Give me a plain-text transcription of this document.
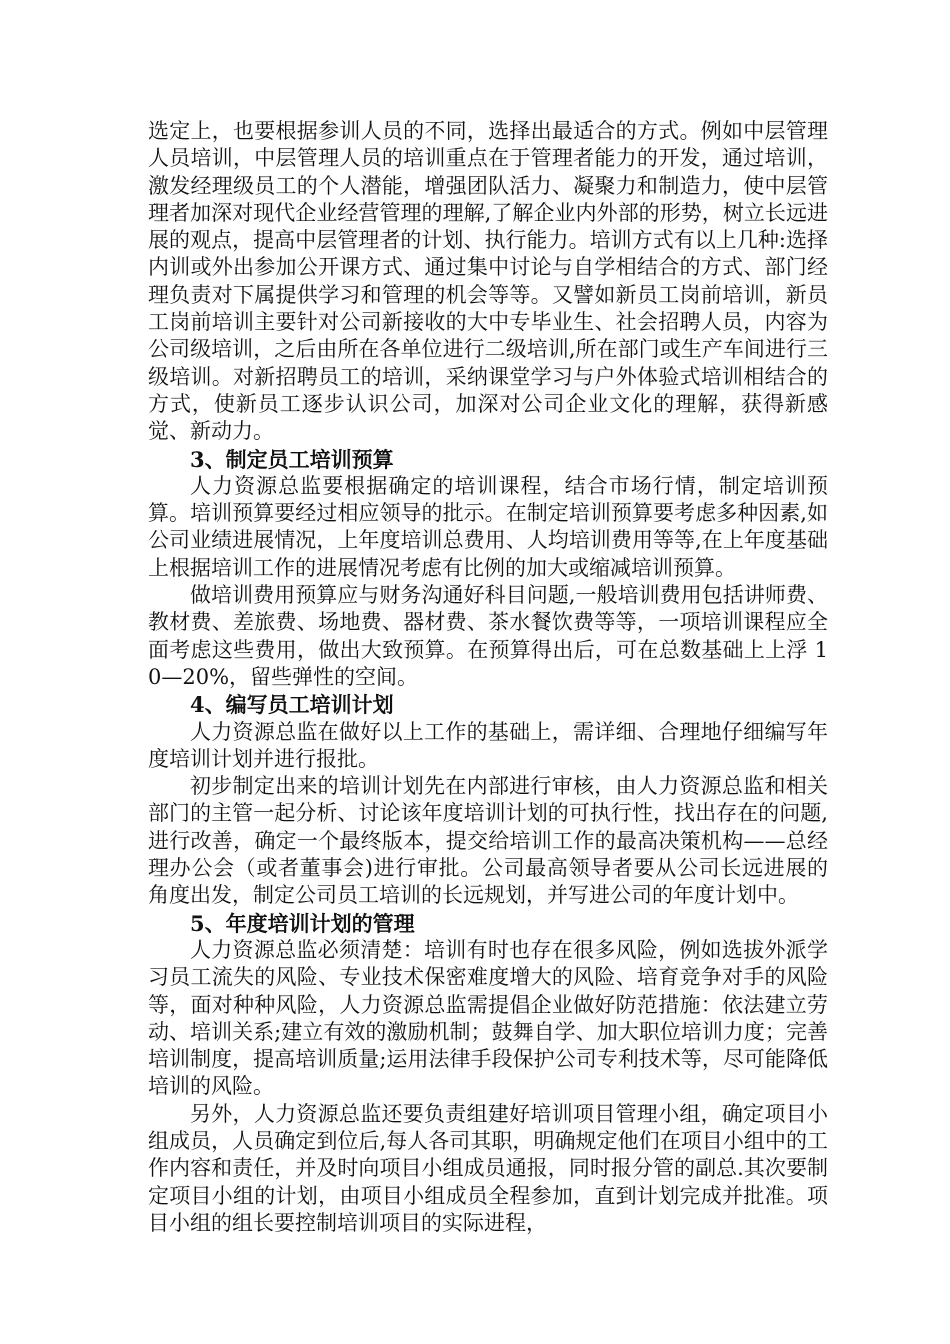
选定上，也要根据参训人员的不同，选择出最适合的方式。例如中层管理人员培训，中层管理人员的培训重点在于管理者能力的开发，通过培训，激发经理级员工的个人潜能，增强团队活力、凝聚力和制造力，使中层管理者加深对现代企业经营管理的理解,了解企业内外部的形势，树立长远进展的观点，提高中层管理者的计划、执行能力。培训方式有以上几种:选择内训或外出参加公开课方式、通过集中讨论与自学相结合的方式、部门经理负责对下属提供学习和管理的机会等等。又譬如新员工岗前培训，新员工岗前培训主要针对公司新接收的大中专毕业生、社会招聘人员，内容为公司级培训，之后由所在各单位进行二级培训,所在部门或生产车间进行三级培训。对新招聘员工的培训，采纳课堂学习与户外体验式培训相结合的方式，使新员工逐步认识公司，加深对公司企业文化的理解，获得新感觉、新动力。

3、制定员工培训预算

人力资源总监要根据确定的培训课程，结合市场行情，制定培训预算。培训预算要经过相应领导的批示。在制定培训预算要考虑多种因素,如公司业绩进展情况，上年度培训总费用、人均培训费用等等,在上年度基础上根据培训工作的进展情况考虑有比例的加大或缩减培训预算。

做培训费用预算应与财务沟通好科目问题,一般培训费用包括讲师费、教材费、差旅费、场地费、器材费、茶水餐饮费等等，一项培训课程应全面考虑这些费用，做出大致预算。在预算得出后，可在总数基础上上浮 10—20%，留些弹性的空间。

4、编写员工培训计划

人力资源总监在做好以上工作的基础上，需详细、合理地仔细编写年度培训计划并进行报批。

初步制定出来的培训计划先在内部进行审核，由人力资源总监和相关部门的主管一起分析、讨论该年度培训计划的可执行性，找出存在的问题,进行改善，确定一个最终版本，提交给培训工作的最高决策机构——总经理办公会（或者董事会)进行审批。公司最高领导者要从公司长远进展的角度出发，制定公司员工培训的长远规划，并写进公司的年度计划中。

5、年度培训计划的管理

人力资源总监必须清楚：培训有时也存在很多风险，例如选拔外派学习员工流失的风险、专业技术保密难度增大的风险、培育竞争对手的风险等，面对种种风险，人力资源总监需提倡企业做好防范措施：依法建立劳动、培训关系;建立有效的激励机制；鼓舞自学、加大职位培训力度；完善培训制度，提高培训质量;运用法律手段保护公司专利技术等，尽可能降低培训的风险。

另外，人力资源总监还要负责组建好培训项目管理小组，确定项目小组成员，人员确定到位后,每人各司其职，明确规定他们在项目小组中的工作内容和责任，并及时向项目小组成员通报，同时报分管的副总.其次要制定项目小组的计划，由项目小组成员全程参加，直到计划完成并批准。项目小组的组长要控制培训项目的实际进程，
